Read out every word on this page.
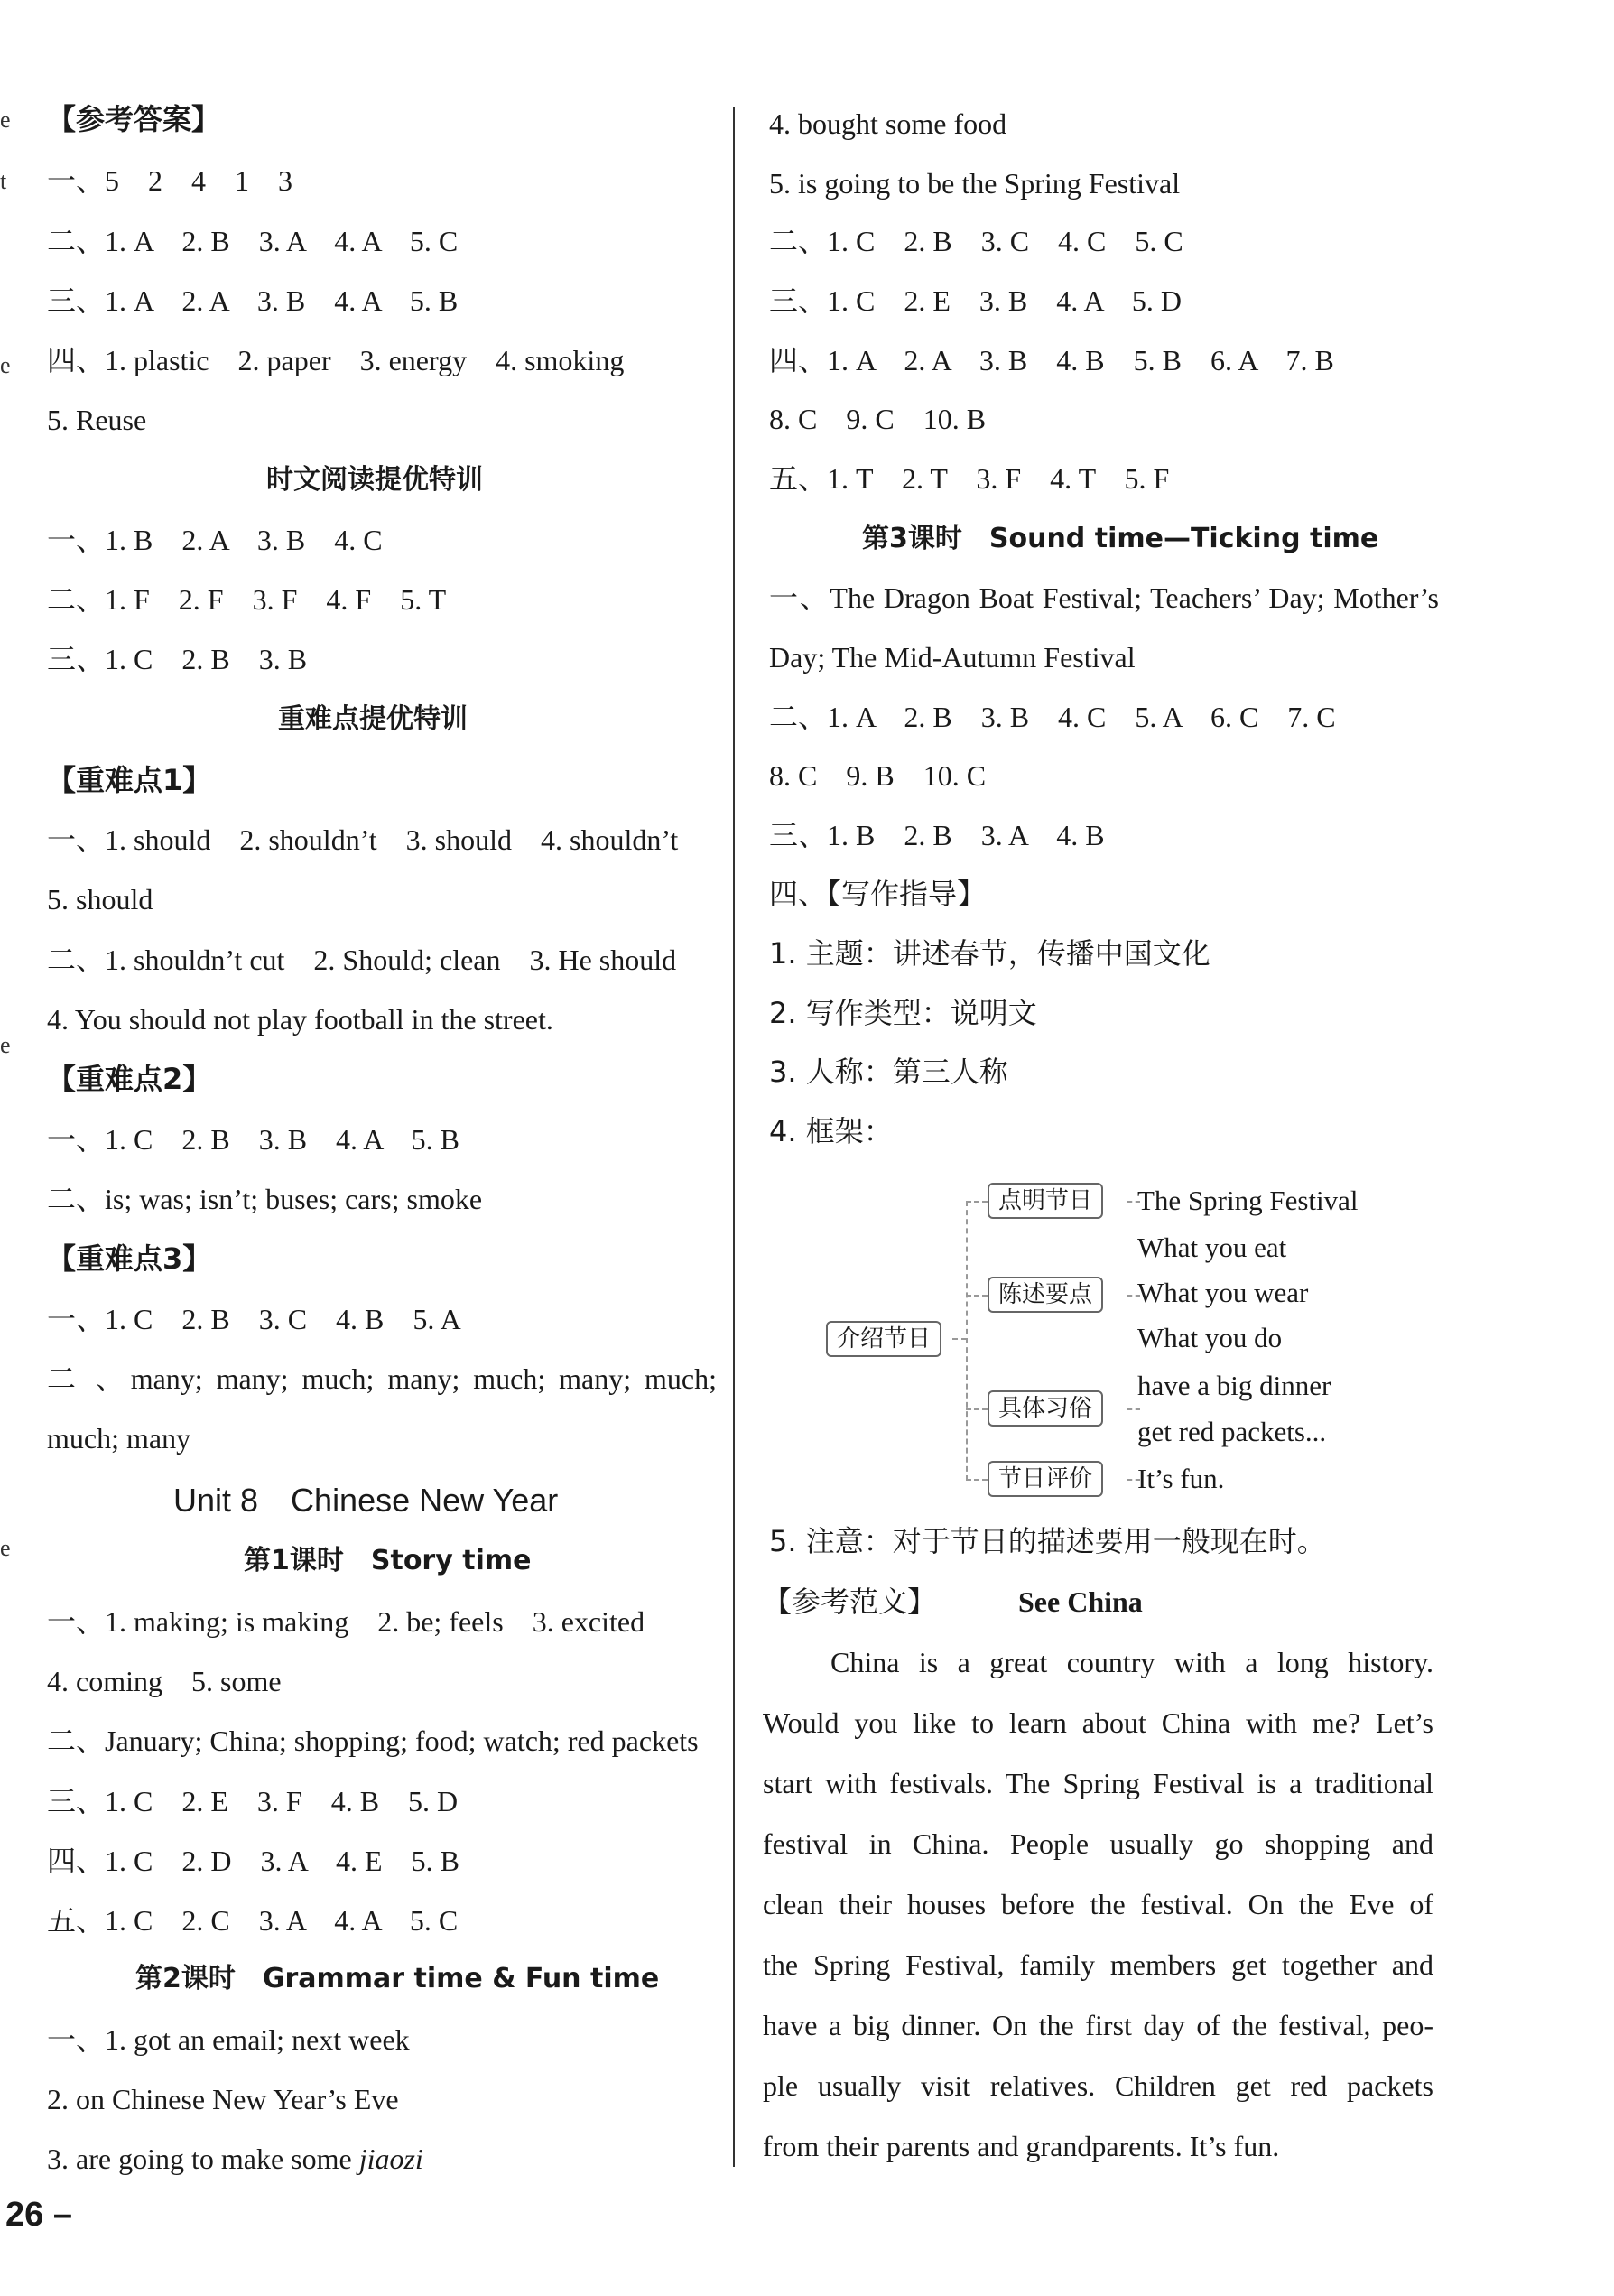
e
t
e
e
e
【参考答案】
一、5　2　4　1　3
二、1. A　2. B　3. A　4. A　5. C
三、1. A　2. A　3. B　4. A　5. B
四、1. plastic　2. paper　3. energy　4. smoking
5. Reuse
时文阅读提优特训
一、1. B　2. A　3. B　4. C
二、1. F　2. F　3. F　4. F　5. T
三、1. C　2. B　3. B
重难点提优特训
【重难点1】
一、1. should　2. shouldn’t　3. should　4. shouldn’t
5. should
二、1. shouldn’t cut　2. Should; clean　3. He should
4. You should not play football in the street.
【重难点2】
一、1. C　2. B　3. B　4. A　5. B
二、is; was; isn’t; buses; cars; smoke
【重难点3】
一、1. C　2. B　3. C　4. B　5. A
二 、many; many; much; many; much; many; much;
much; many
Unit 8　Chinese New Year
第1课时　Story time
一、1. making; is making　2. be; feels　3. excited
4. coming　5. some
二、January; China; shopping; food; watch; red packets
三、1. C　2. E　3. F　4. B　5. D
四、1. C　2. D　3. A　4. E　5. B
五、1. C　2. C　3. A　4. A　5. C
第2课时　Grammar time & Fun time
一、1. got an email; next week
2. on Chinese New Year’s Eve
3. are going to make some jiaozi
4. bought some food
5. is going to be the Spring Festival
二、1. C　2. B　3. C　4. C　5. C
三、1. C　2. E　3. B　4. A　5. D
四、1. A　2. A　3. B　4. B　5. B　6. A　7. B
8. C　9. C　10. B
五、1. T　2. T　3. F　4. T　5. F
第3课时　Sound time—Ticking time
一、The Dragon Boat Festival; Teachers’ Day; Mother’s
Day; The Mid-Autumn Festival
二、1. A　2. B　3. B　4. C　5. A　6. C　7. C
8. C　9. B　10. C
三、1. B　2. B　3. A　4. B
四、【写作指导】
1. 主题：讲述春节，传播中国文化
2. 写作类型：说明文
3. 人称：第三人称
4. 框架：
介绍节日
点明节日
陈述要点
具体习俗
节日评价
The Spring Festival
What you eat
What you wear
What you do
have a big dinner
get red packets...
It’s fun.
5. 注意：对于节日的描述要用一般现在时。
【参考范文】	See China
China is a great country with a long history.
Would you like to learn about China with me? Let’s
start with festivals. The Spring Festival is a traditional
festival in China. People usually go shopping and
clean their houses before the festival. On the Eve of
the Spring Festival, family members get together and
have a big dinner. On the first day of the festival, peo-
ple usually visit relatives. Children get red packets
from their parents and grandparents. It’s fun.
26 –
